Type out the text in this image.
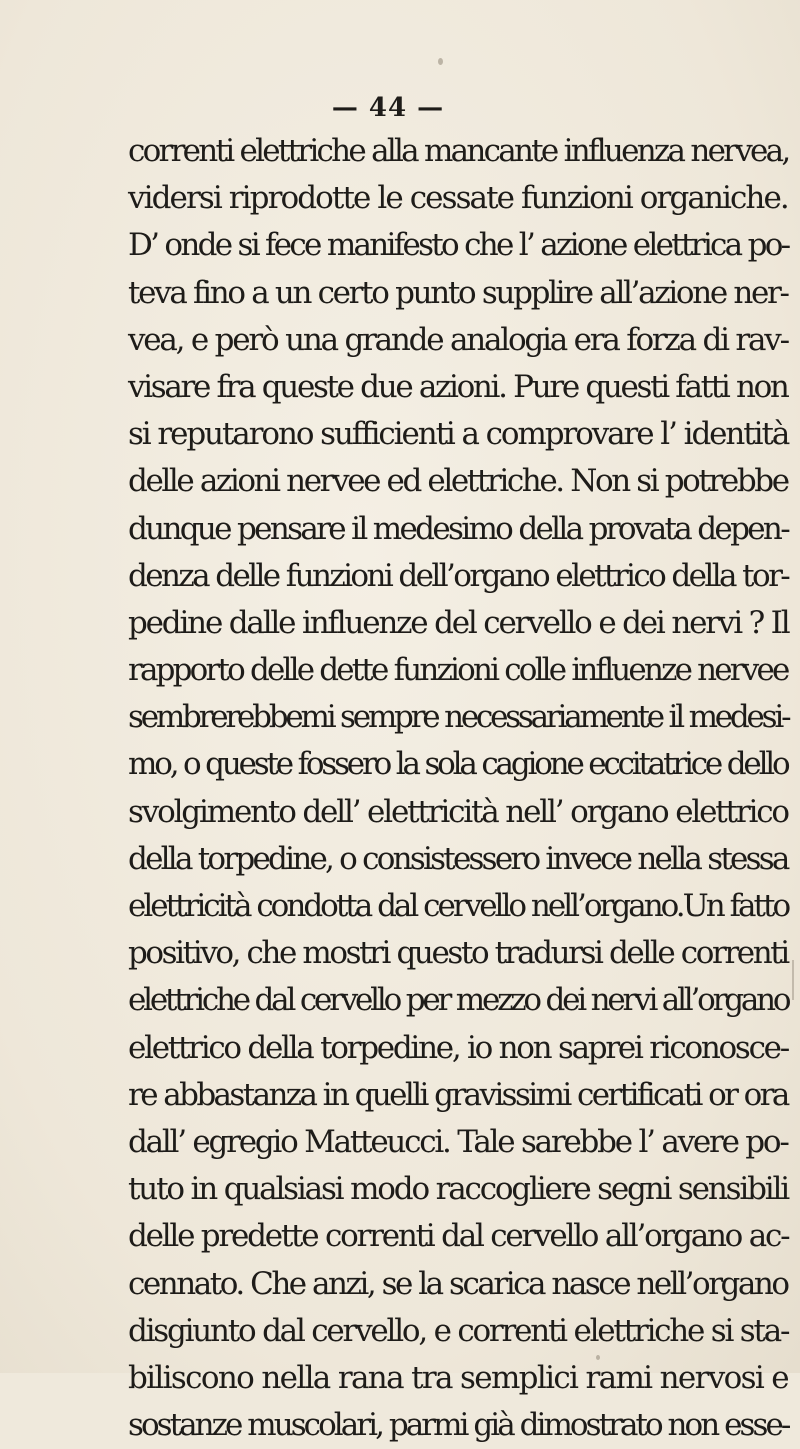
— 44 —
correnti elettriche alla mancante influenza nervea,
vidersi riprodotte le cessate funzioni organiche.
D’ onde si fece manifesto che l’ azione elettrica po-
teva fino a un certo punto supplire all’azione ner-
vea, e però una grande analogia era forza di rav-
visare fra queste due azioni. Pure questi fatti non
si reputarono sufficienti a comprovare l’ identità
delle azioni nervee ed elettriche. Non si potrebbe
dunque pensare il medesimo della provata depen-
denza delle funzioni dell’organo elettrico della tor-
pedine dalle influenze del cervello e dei nervi ? Il
rapporto delle dette funzioni colle influenze nervee
sembrerebbemi sempre necessariamente il medesi-
mo, o queste fossero la sola cagione eccitatrice dello
svolgimento dell’ elettricità nell’ organo elettrico
della torpedine, o consistessero invece nella stessa
elettricità condotta dal cervello nell’organo.Un fatto
positivo, che mostri questo tradursi delle correnti
elettriche dal cervello per mezzo dei nervi all’organo
elettrico della torpedine, io non saprei riconosce-
re abbastanza in quelli gravissimi certificati or ora
dall’ egregio Matteucci. Tale sarebbe l’ avere po-
tuto in qualsiasi modo raccogliere segni sensibili
delle predette correnti dal cervello all’organo ac-
cennato. Che anzi, se la scarica nasce nell’organo
disgiunto dal cervello, e correnti elettriche si sta-
biliscono nella rana tra semplici rami nervosi e
sostanze muscolari, parmi già dimostrato non esse-
